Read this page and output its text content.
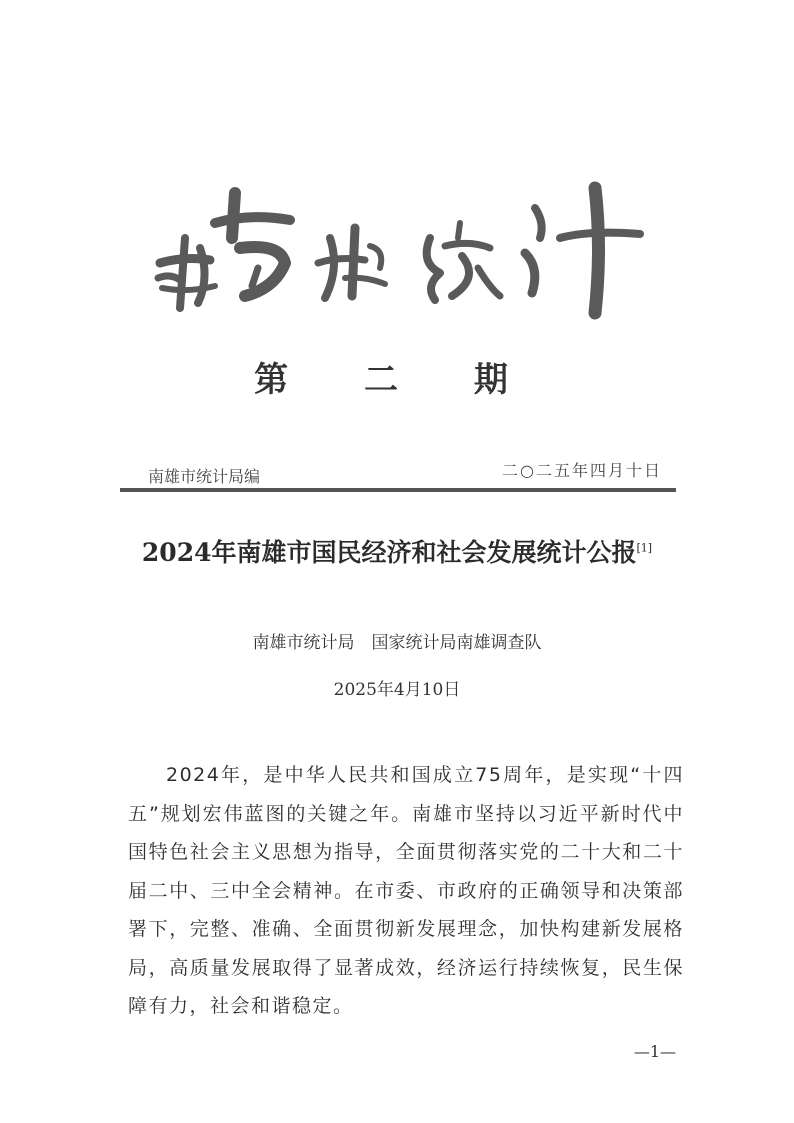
第 二 期
南雄市统计局编	二○二五年四月十日
2024年南雄市国民经济和社会发展统计公报[1]
南雄市统计局　国家统计局南雄调查队
2025年4月10日

2024年，是中华人民共和国成立75周年，是实现“十四五”规划宏伟蓝图的关键之年。南雄市坚持以习近平新时代中国特色社会主义思想为指导，全面贯彻落实党的二十大和二十届二中、三中全会精神。在市委、市政府的正确领导和决策部署下，完整、准确、全面贯彻新发展理念，加快构建新发展格局，高质量发展取得了显著成效，经济运行持续恢复，民生保障有力，社会和谐稳定。

—1—
